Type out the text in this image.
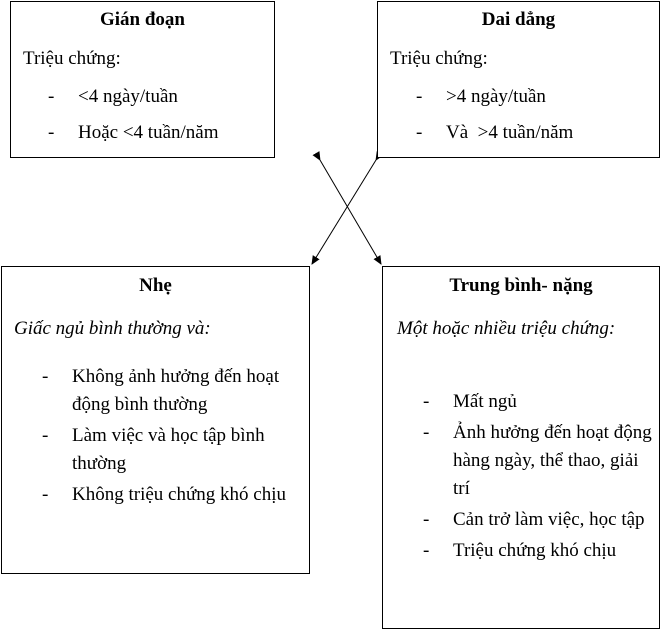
Gián đoạn
Triệu chứng:
-	<4 ngày/tuần
-	Hoặc <4 tuần/năm
Dai dẳng
Triệu chứng:
-	>4 ngày/tuần
-	Và  >4 tuần/năm
Nhẹ
Giấc ngủ bình thường và:
-	Không ảnh hưởng đến hoạt động bình thường
-	Làm việc và học tập bình thường
-	Không triệu chứng khó chịu
Trung bình- nặng
Một hoặc nhiều triệu chứng:
-	Mất ngủ
-	Ảnh hưởng đến hoạt động hàng ngày, thể thao, giải trí
-	Cản trở làm việc, học tập
-	Triệu chứng khó chịu
